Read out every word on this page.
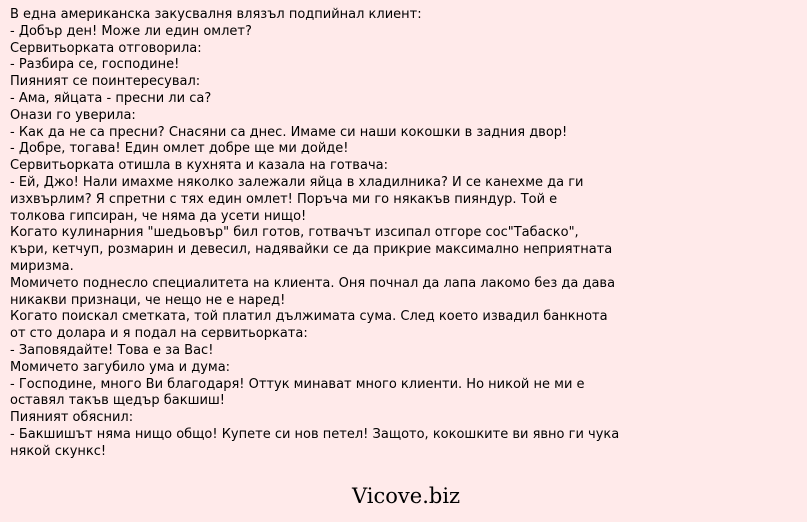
В една американска закусвалня влязъл подпийнал клиент:
- Добър ден! Може ли един омлет?
Сервитьорката отговорила:
- Разбира се, господине!
Пияният се поинтересувал:
- Ама, яйцата - пресни ли са?
Онази го уверила:
- Как да не са пресни? Снасяни са днес. Имаме си наши кокошки в задния двор!
- Добре, тогава! Един омлет добре ще ми дойде!
Сервитьорката отишла в кухнята и казала на готвача:
- Ей, Джо! Нали имахме няколко залежали яйца в хладилника? И се канехме да ги
изхвърлим? Я спретни с тях един омлет! Поръча ми го някакъв пияндур. Той е
толкова гипсиран, че няма да усети нищо!
Когато кулинарния "шедьовър" бил готов, готвачът изсипал отгоре сос"Табаско",
къри, кетчуп, розмарин и девесил, надявайки се да прикрие максимално неприятната
миризма.
Момичето поднесло специалитета на клиента. Оня почнал да лапа лакомо без да дава
никакви признаци, че нещо не е наред!
Когато поискал сметката, той платил дължимата сума. След което извадил банкнота
от сто долара и я подал на сервитьорката:
- Заповядайте! Това е за Вас!
Момичето загубило ума и дума:
- Господине, много Ви благодаря! Оттук минават много клиенти. Но никой не ми е
оставял такъв щедър бакшиш!
Пияният обяснил:
- Бакшишът няма нищо общо! Купете си нов петел! Защото, кокошките ви явно ги чука
някой скункс!
Vicove.biz
